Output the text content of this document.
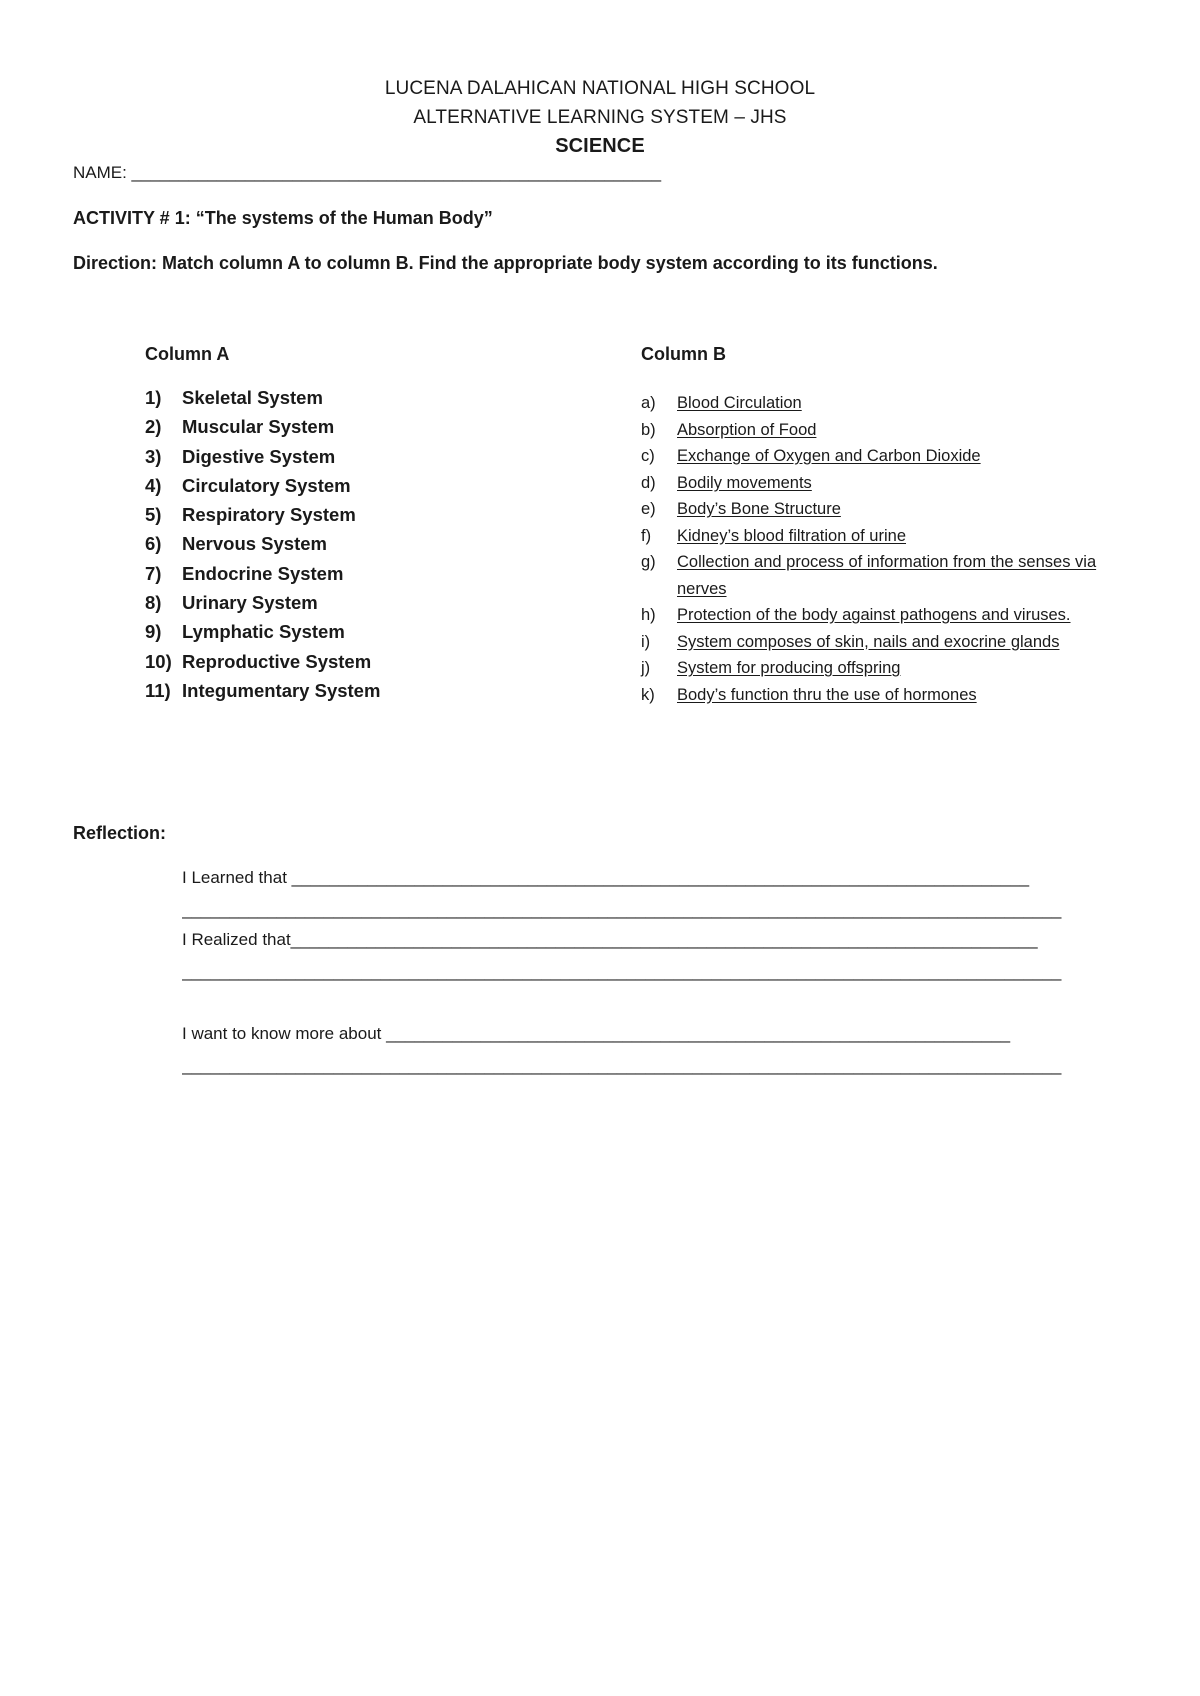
LUCENA DALAHICAN NATIONAL HIGH SCHOOL
ALTERNATIVE LEARNING SYSTEM – JHS
SCIENCE
NAME: ________________________________________________________
ACTIVITY # 1: “The systems of the Human Body”
Direction: Match column A to column B. Find the appropriate body system according to its functions.
Column A	Column B
1)	Skeletal System
2)	Muscular System
3)	Digestive System
4)	Circulatory System
5)	Respiratory System
6)	Nervous System
7)	Endocrine System
8)	Urinary System
9)	Lymphatic System
10) Reproductive System
11) Integumentary System
a)	Blood Circulation
b)	Absorption of Food
c)	Exchange of Oxygen and Carbon Dioxide
d)	Bodily movements
e)	Body’s Bone Structure
f)	Kidney’s blood filtration of urine
g)	Collection and process of information from the senses via nerves
h)	Protection of the body against pathogens and viruses.
i)	System composes of skin, nails and exocrine glands
j)	System for producing offspring
k)	Body’s function thru the use of hormones
Reflection:
I Learned that ______________________________________________________________________________
_____________________________________________________________________________________________
I Realized that_______________________________________________________________________________
_____________________________________________________________________________________________
I want to know more about __________________________________________________________________
_____________________________________________________________________________________________
